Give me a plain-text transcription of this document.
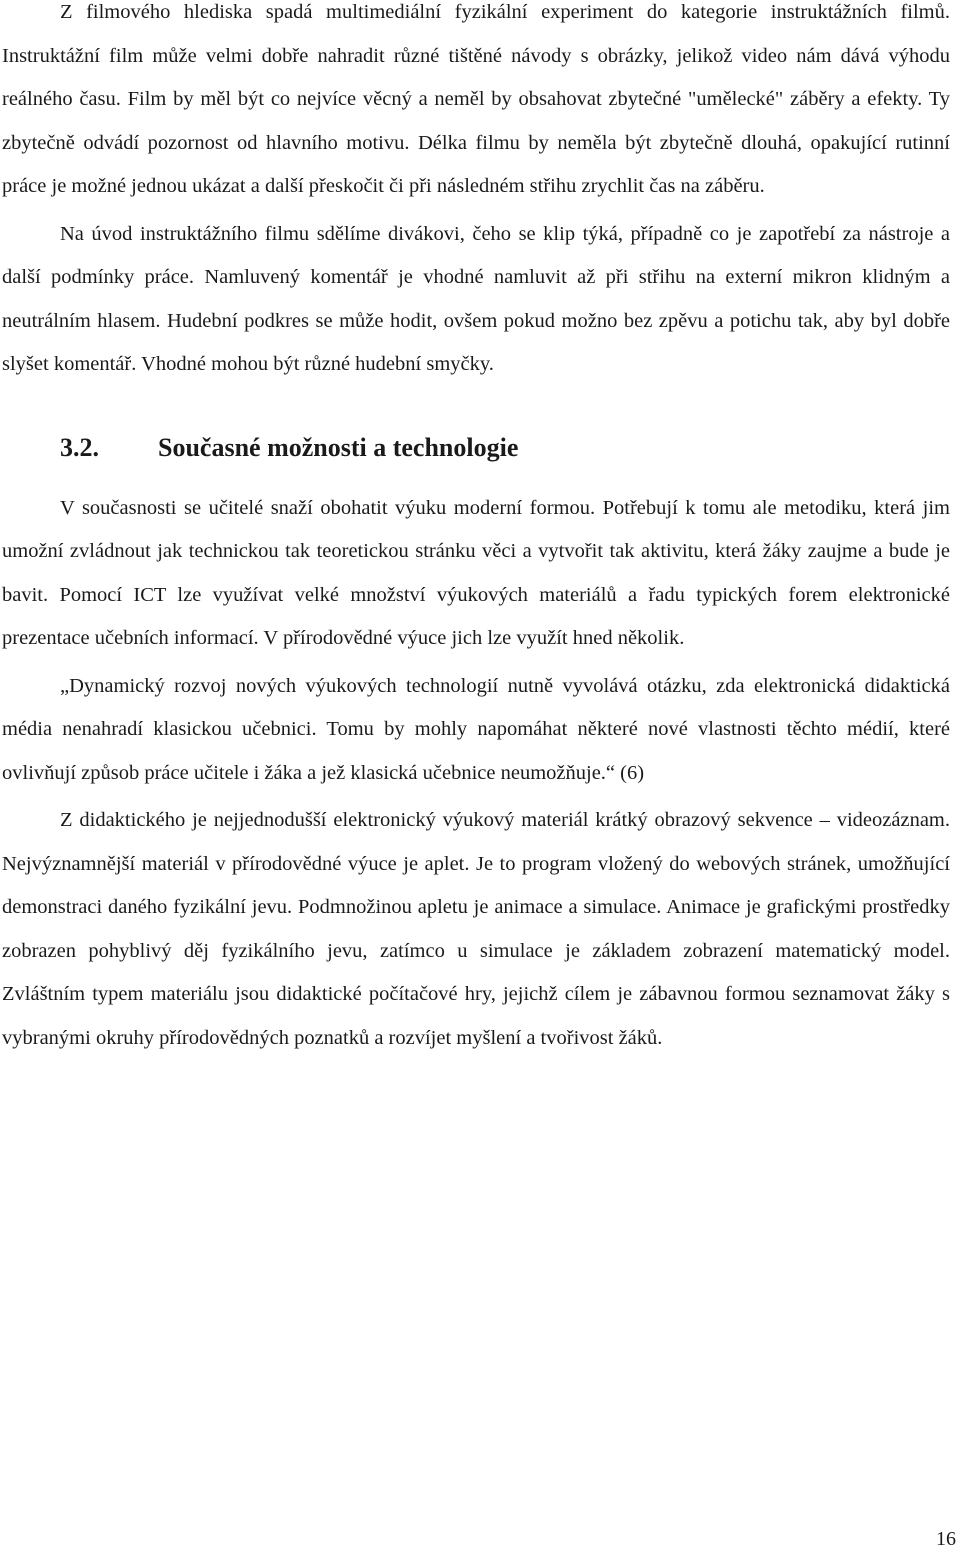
Z filmového hlediska spadá multimediální fyzikální experiment do kategorie instruktážních filmů. Instruktážní film může velmi dobře nahradit různé tištěné návody s obrázky, jelikož video nám dává výhodu reálného času. Film by měl být co nejvíce věcný a neměl by obsahovat zbytečné "umělecké" záběry a efekty. Ty zbytečně odvádí pozornost od hlavního motivu. Délka filmu by neměla být zbytečně dlouhá, opakující rutinní práce je možné jednou ukázat a další přeskočit či při následném střihu zrychlit čas na záběru.

Na úvod instruktážního filmu sdělíme divákovi, čeho se klip týká, případně co je zapotřebí za nástroje a další podmínky práce. Namluvený komentář je vhodné namluvit až při střihu na externí mikron klidným a neutrálním hlasem. Hudební podkres se může hodit, ovšem pokud možno bez zpěvu a potichu tak, aby byl dobře slyšet komentář. Vhodné mohou být různé hudební smyčky.

3.2.	Současné možnosti a technologie

V současnosti se učitelé snaží obohatit výuku moderní formou. Potřebují k tomu ale metodiku, která jim umožní zvládnout jak technickou tak teoretickou stránku věci a vytvořit tak aktivitu, která žáky zaujme a bude je bavit. Pomocí ICT lze využívat velké množství výukových materiálů a řadu typických forem elektronické prezentace učebních informací. V přírodovědné výuce jich lze využít hned několik.

„Dynamický rozvoj nových výukových technologií nutně vyvolává otázku, zda elektronická didaktická média nenahradí klasickou učebnici. Tomu by mohly napomáhat některé nové vlastnosti těchto médií, které ovlivňují způsob práce učitele i žáka a jež klasická učebnice neumožňuje.“ (6)

Z didaktického je nejjednodušší elektronický výukový materiál krátký obrazový sekvence – videozáznam. Nejvýznamnější materiál v přírodovědné výuce je aplet. Je to program vložený do webových stránek, umožňující demonstraci daného fyzikální jevu. Podmnožinou apletu je animace a simulace. Animace je grafickými prostředky zobrazen pohyblivý děj fyzikálního jevu, zatímco u simulace je základem zobrazení matematický model. Zvláštním typem materiálu jsou didaktické počítačové hry, jejichž cílem je zábavnou formou seznamovat žáky s vybranými okruhy přírodovědných poznatků a rozvíjet myšlení a tvořivost žáků.

16
